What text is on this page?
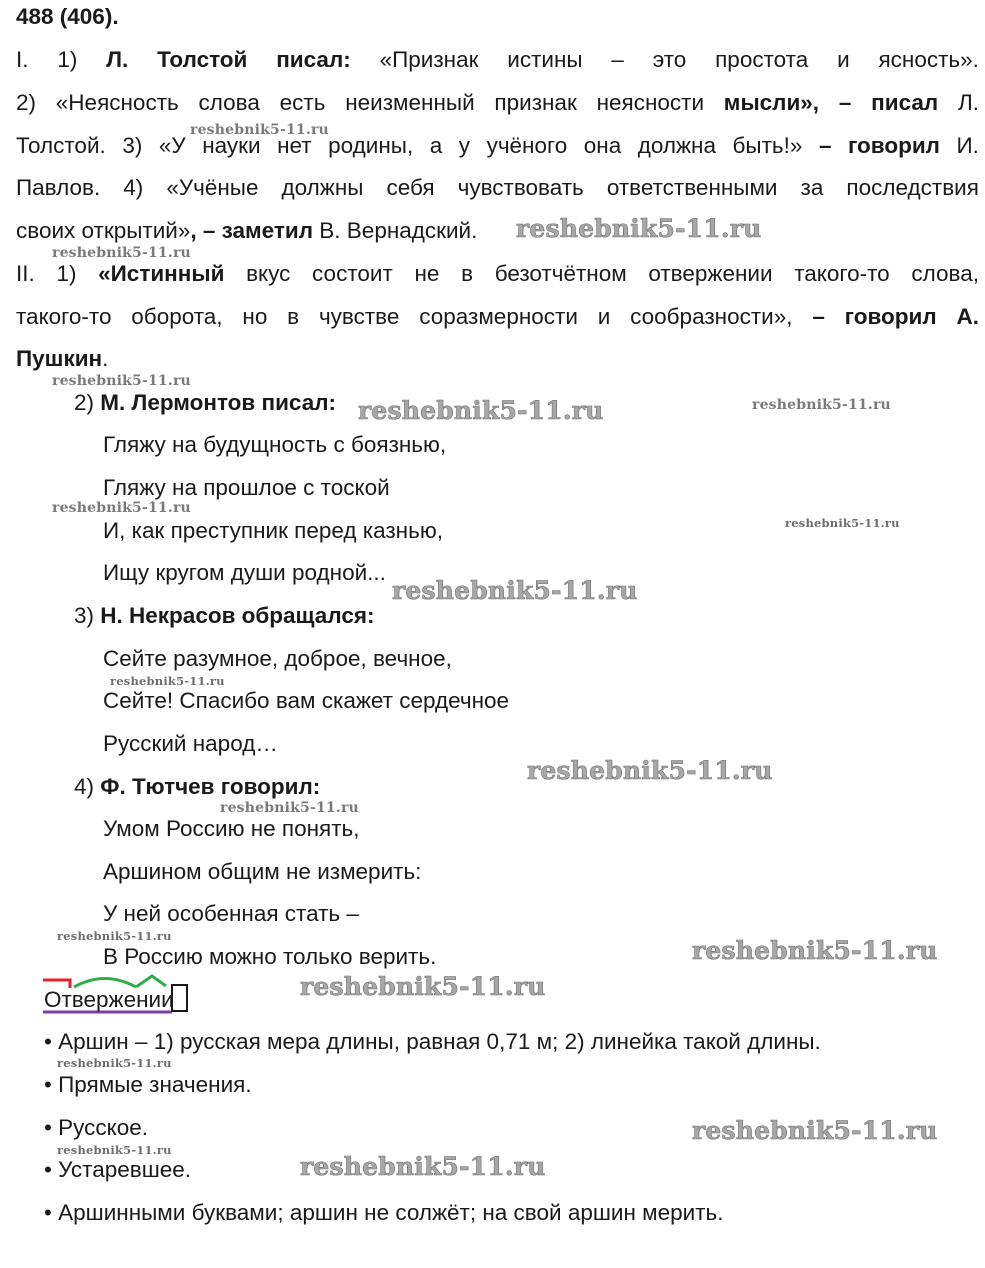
488 (406).
I. 1) Л. Толстой писал: «Признак истины – это простота и ясность».
2) «Неясность слова есть неизменный признак неясности мысли», – писал Л.
Толстой. 3) «У науки нет родины, а у учёного она должна быть!» – говорил И.
Павлов. 4) «Учёные должны себя чувствовать ответственными за последствия
своих открытий», – заметил В. Вернадский.
II. 1) «Истинный вкус состоит не в безотчётном отвержении такого-то слова,
такого-то оборота, но в чувстве соразмерности и сообразности», – говорил А.
Пушкин.
2) М. Лермонтов писал:
Гляжу на будущность с боязнью,
Гляжу на прошлое с тоской
И, как преступник перед казнью,
Ищу кругом души родной...
3) Н. Некрасов обращался:
Сейте разумное, доброе, вечное,
Сейте! Спасибо вам скажет сердечное
Русский народ…
4) Ф. Тютчев говорил:
Умом Россию не понять,
Аршином общим не измерить:
У ней особенная стать –
В Россию можно только верить.
Отвержении
• Аршин – 1) русская мера длины, равная 0,71 м; 2) линейка такой длины.
• Прямые значения.
• Русское.
• Устаревшее.
• Аршинными буквами; аршин не солжёт; на свой аршин мерить.
reshebnik5-11.ru
reshebnik5-11.ru
reshebnik5-11.ru
reshebnik5-11.ru
reshebnik5-11.ru	reshebnik5-11.ru
reshebnik5-11.ru
reshebnik5-11.ru
reshebnik5-11.ru
reshebnik5-11.ru
reshebnik5-11.ru
reshebnik5-11.ru
reshebnik5-11.ru	reshebnik5-11.ru
reshebnik5-11.ru
reshebnik5-11.ru
reshebnik5-11.ru
reshebnik5-11.ru
reshebnik5-11.ru
